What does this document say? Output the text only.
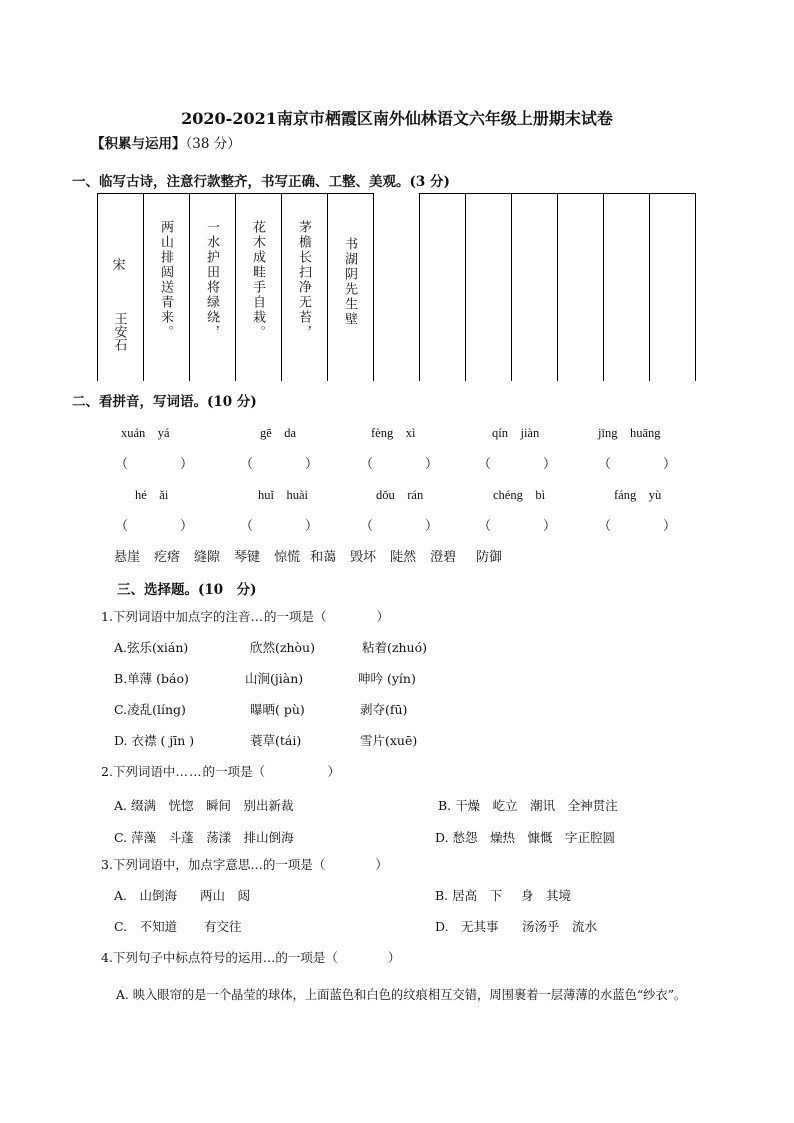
2020-2021南京市栖霞区南外仙林语文六年级上册期末试卷
【积累与运用】（38 分）
一、临写古诗，注意行款整齐，书写正确、工整、美观。(3 分)
宋
王安石	两山排闼送青来。 一水护田将绿绕， 花木成畦手自栽。 茅檐长扫净无苔， 书湖阴先生壁
二、看拼音，写词语。(10 分)
xuán　yá	gē　da	fèng　xì	qín　jiàn	jīng　huāng
（　　　　）	（　　　　）	（　　　　）	（　　　　）	（　　　　）
hé　ǎi	huǐ　huài	dǒu　rán	chéng　bì	fáng　yù
（　　　　）	（　　　　）	（　　　　）	（　　　　）	（　　　　）
悬崖 疙瘩 缝隙 琴键 惊慌 和蔼 毁坏 陡然 澄碧 防御
三、选择题。(10　分)
1.下列词语中加点字的注音…的一项是（　　　　）
A.弦乐(xián)	欣然(zhòu)	粘着(zhuó)
B.单薄 (báo)	山涧(jiàn)	呻吟 (yín)
C.凌乱(líng)	曝晒( pù)	剥夺(fū)
D. 衣襟 ( jīn )	蓑草(tái)	雪片(xuē)
2.下列词语中……的一项是（　　　　　）
A. 缀满　恍惚　瞬间　别出新裁	B. 干燥　屹立　潮讯　全神贯注
C. 萍藻　斗蓬　荡漾　排山倒海	D. 愁怨　燥热　慷慨　字正腔圆
3.下列词语中，加点字意思…的一项是（　　　　）
A.　山倒海 两山　闼	B. 居高　下 身　其境
C.　不知道 有交往	D.　无其事 汤汤乎　流水
4.下列句子中标点符号的运用…的一项是（　　　　）
A. 映入眼帘的是一个晶莹的球体，上面蓝色和白色的纹痕相互交错，周围裹着一层薄薄的水蓝色“纱衣”。
